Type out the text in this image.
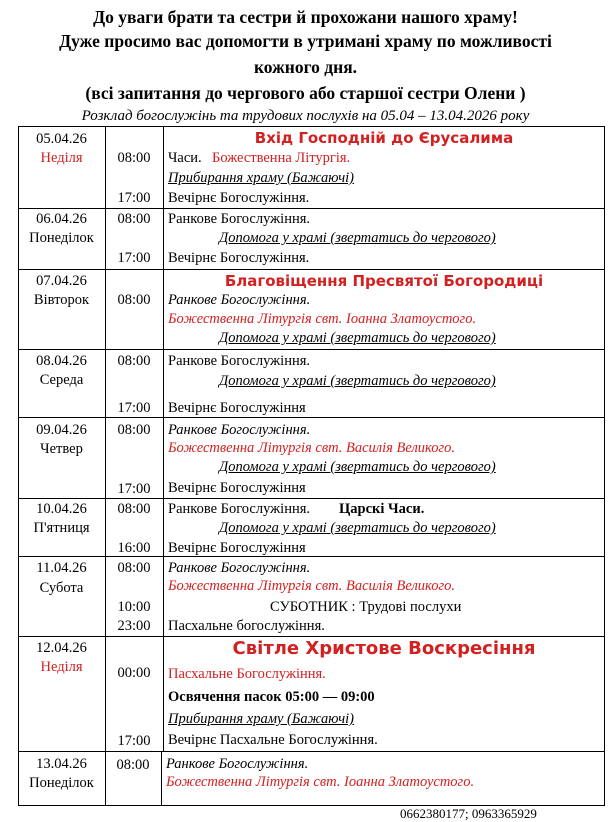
До уваги брати та сестри й прохожани нашого храму!
Дуже просимо вас допомогти в утримані храму по можливості
кожного дня.
(всі запитання до чергового або старшої сестри Олени )
Розклад богослужінь та трудових послухів на 05.04 – 13.04.2026 року
05.04.26
Неділя
Вхід Господній до Єрусалима
08:00	Часи. Божественна Літургія.
Прибирання храму (Бажаючі)
17:00	Вечірнє Богослужіння.
06.04.26
Понеділок
08:00	Ранкове Богослужіння.
Допомога у храмі (звертатись до чергового)
17:00	Вечірнє Богослужіння.
07.04.26
Вівторок
Благовіщення Пресвятої Богородиці
08:00	Ранкове Богослужіння.
Божественна Літургія свт. Іоанна Златоустого.
Допомога у храмі (звертатись до чергового)
08.04.26
Середа
08:00	Ранкове Богослужіння.
Допомога у храмі (звертатись до чергового)
17:00	Вечірнє Богослужіння
09.04.26
Четвер
08:00	Ранкове Богослужіння.
Божественна Літургія свт. Василія Великого.
Допомога у храмі (звертатись до чергового)
17:00	Вечірнє Богослужіння
10.04.26
П'ятниця
08:00	Ранкове Богослужіння. Царскі Часи.
Допомога у храмі (звертатись до чергового)
16:00	Вечірнє Богослужіння
11.04.26
Субота
08:00	Ранкове Богослужіння.
Божественна Літургія свт. Василія Великого.
10:00	СУБОТНИК : Трудові послухи
23:00	Пасхальне богослужіння.
12.04.26
Неділя
Світле Христове Воскресіння
00:00	Пасхальне Богослужіння.
Освячення пасок 05:00 — 09:00
Прибирання храму (Бажаючі)
17:00	Вечірнє Пасхальне Богослужіння.
13.04.26
Понеділок
08:00	Ранкове Богослужіння.
Божественна Літургія свт. Іоанна Златоустого.
0662380177; 0963365929
